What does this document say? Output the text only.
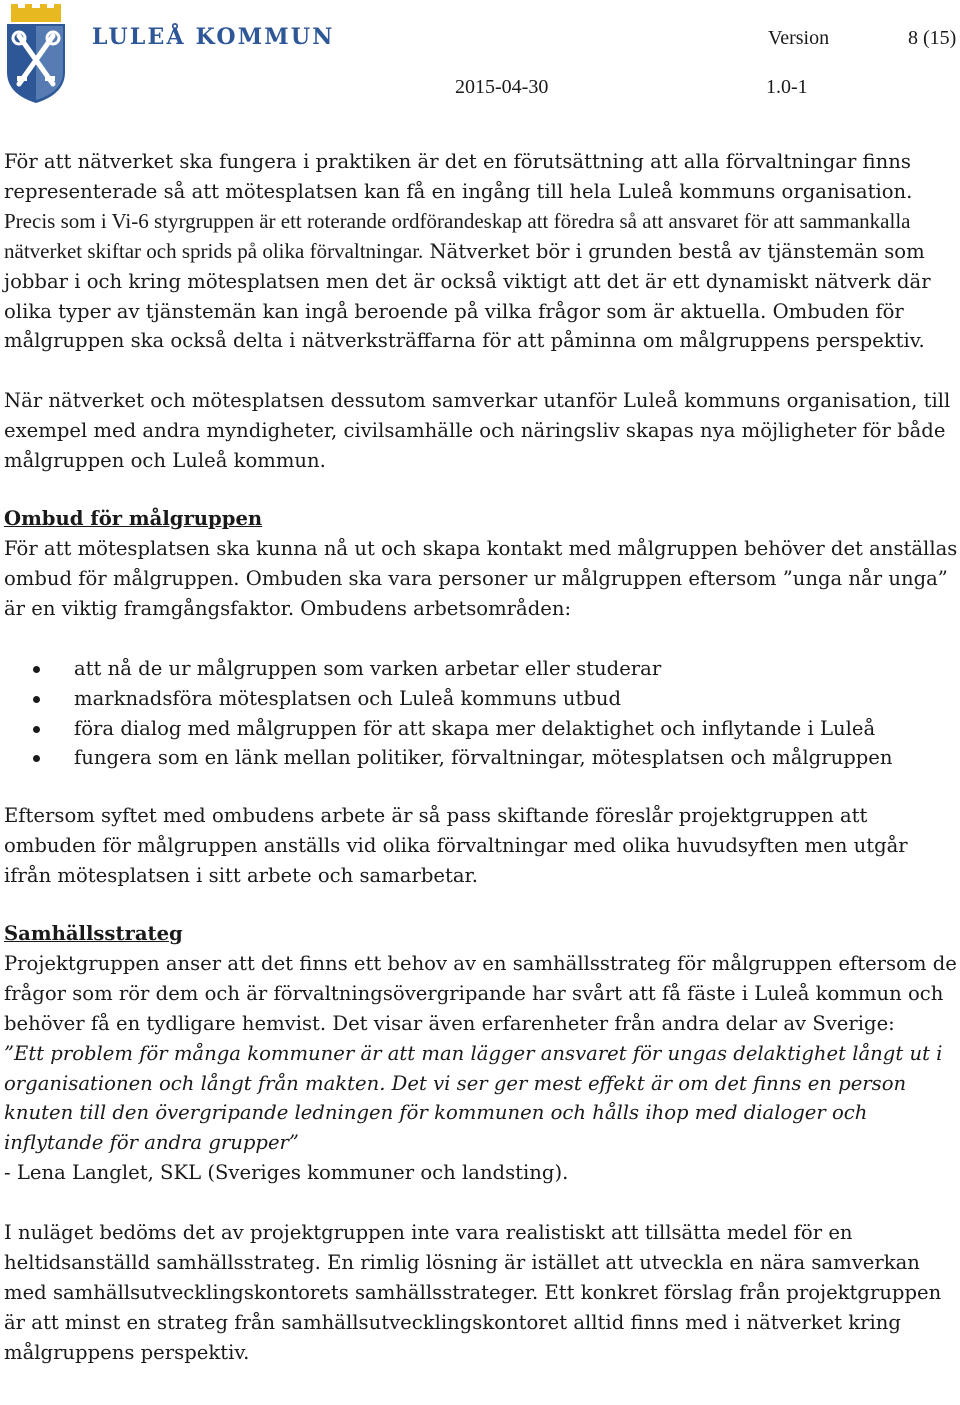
LULEÅ KOMMUN	Version	8 (15)
2015-04-30	1.0-1

För att nätverket ska fungera i praktiken är det en förutsättning att alla förvaltningar finns representerade så att mötesplatsen kan få en ingång till hela Luleå kommuns organisation. Precis som i Vi-6 styrgruppen är ett roterande ordförandeskap att föredra så att ansvaret för att sammankalla nätverket skiftar och sprids på olika förvaltningar. Nätverket bör i grunden bestå av tjänstemän som jobbar i och kring mötesplatsen men det är också viktigt att det är ett dynamiskt nätverk där olika typer av tjänstemän kan ingå beroende på vilka frågor som är aktuella. Ombuden för målgruppen ska också delta i nätverksträffarna för att påminna om målgruppens perspektiv.

När nätverket och mötesplatsen dessutom samverkar utanför Luleå kommuns organisation, till exempel med andra myndigheter, civilsamhälle och näringsliv skapas nya möjligheter för både målgruppen och Luleå kommun.

Ombud för målgruppen

För att mötesplatsen ska kunna nå ut och skapa kontakt med målgruppen behöver det anställas ombud för målgruppen. Ombuden ska vara personer ur målgruppen eftersom ”unga når unga” är en viktig framgångsfaktor. Ombudens arbetsområden:

att nå de ur målgruppen som varken arbetar eller studerar
marknadsföra mötesplatsen och Luleå kommuns utbud
föra dialog med målgruppen för att skapa mer delaktighet och inflytande i Luleå
fungera som en länk mellan politiker, förvaltningar, mötesplatsen och målgruppen

Eftersom syftet med ombudens arbete är så pass skiftande föreslår projektgruppen att ombuden för målgruppen anställs vid olika förvaltningar med olika huvudsyften men utgår ifrån mötesplatsen i sitt arbete och samarbetar.

Samhällsstrateg

Projektgruppen anser att det finns ett behov av en samhällsstrateg för målgruppen eftersom de frågor som rör dem och är förvaltningsövergripande har svårt att få fäste i Luleå kommun och behöver få en tydligare hemvist. Det visar även erfarenheter från andra delar av Sverige:

”Ett problem för många kommuner är att man lägger ansvaret för ungas delaktighet långt ut i organisationen och långt från makten. Det vi ser ger mest effekt är om det finns en person knuten till den övergripande ledningen för kommunen och hålls ihop med dialoger och inflytande för andra grupper”

- Lena Langlet, SKL (Sveriges kommuner och landsting).

I nuläget bedöms det av projektgruppen inte vara realistiskt att tillsätta medel för en heltidsanställd samhällsstrateg. En rimlig lösning är istället att utveckla en nära samverkan med samhällsutvecklingskontorets samhällsstrateger. Ett konkret förslag från projektgruppen är att minst en strateg från samhällsutvecklingskontoret alltid finns med i nätverket kring målgruppens perspektiv.
